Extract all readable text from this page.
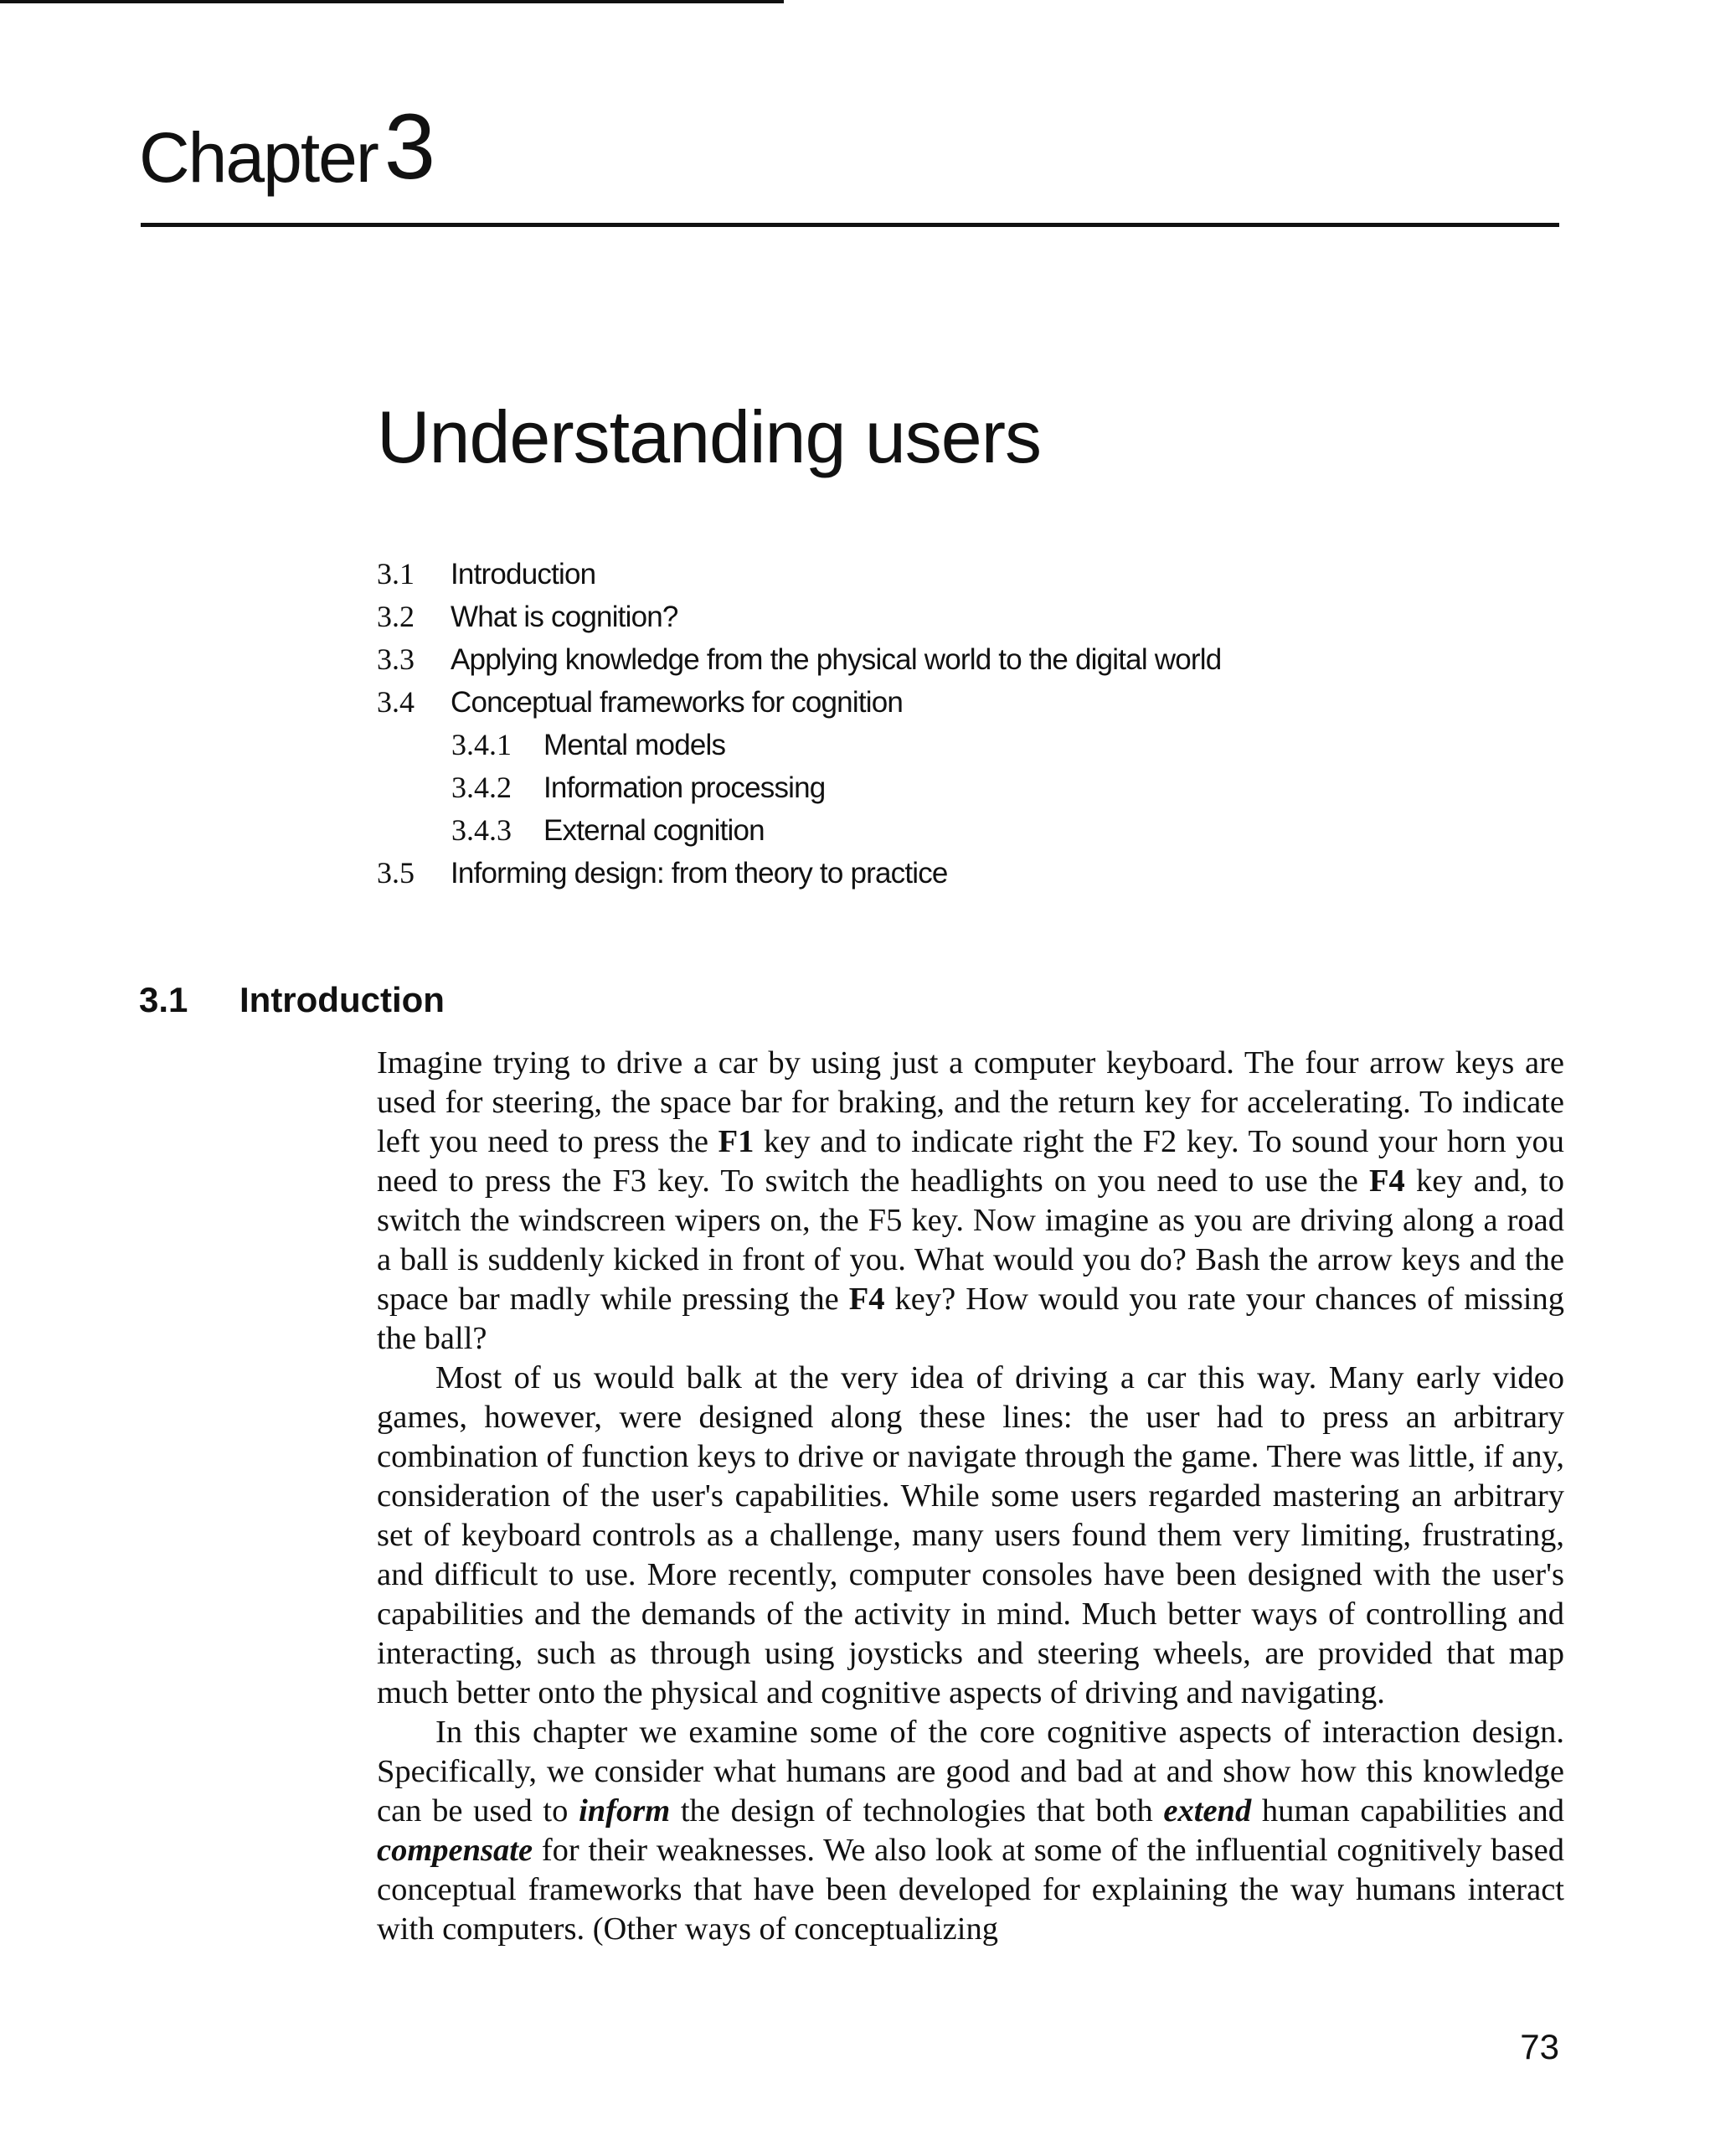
Chapter3
Understanding users
3.1 Introduction
3.2 What is cognition?
3.3 Applying knowledge from the physical world to the digital world
3.4 Conceptual frameworks for cognition
3.4.1 Mental models
3.4.2 Information processing
3.4.3 External cognition
3.5 Informing design: from theory to practice
3.1 Introduction

Imagine trying to drive a car by using just a computer keyboard. The four arrow keys are used for steering, the space bar for braking, and the return key for accelerating. To indicate left you need to press the F1 key and to indicate right the F2 key. To sound your horn you need to press the F3 key. To switch the headlights on you need to use the F4 key and, to switch the windscreen wipers on, the F5 key. Now imagine as you are driving along a road a ball is suddenly kicked in front of you. What would you do? Bash the arrow keys and the space bar madly while pressing the F4 key? How would you rate your chances of missing the ball?

Most of us would balk at the very idea of driving a car this way. Many early video games, however, were designed along these lines: the user had to press an arbitrary combination of function keys to drive or navigate through the game. There was little, if any, consideration of the user's capabilities. While some users regarded mastering an arbitrary set of keyboard controls as a challenge, many users found them very limiting, frustrating, and difficult to use. More recently, computer consoles have been designed with the user's capabilities and the demands of the activity in mind. Much better ways of controlling and interacting, such as through using joysticks and steering wheels, are provided that map much better onto the physical and cognitive aspects of driving and navigating.

In this chapter we examine some of the core cognitive aspects of interaction design. Specifically, we consider what humans are good and bad at and show how this knowledge can be used to inform the design of technologies that both extend human capabilities and compensate for their weaknesses. We also look at some of the influential cognitively based conceptual frameworks that have been developed for explaining the way humans interact with computers. (Other ways of conceptualizing

73
